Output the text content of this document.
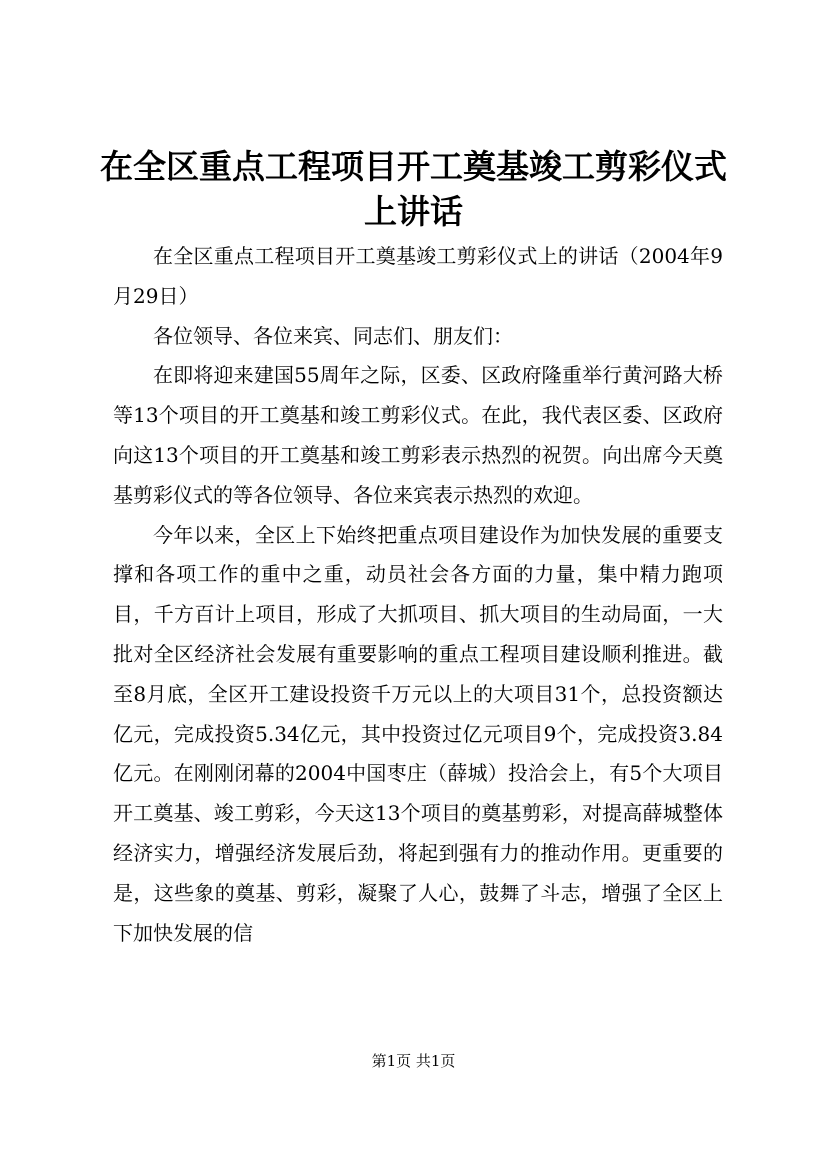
在全区重点工程项目开工奠基竣工剪彩仪式上讲话

在全区重点工程项目开工奠基竣工剪彩仪式上的讲话（2004年9月29日）

各位领导、各位来宾、同志们、朋友们：

在即将迎来建国55周年之际，区委、区政府隆重举行黄河路大桥等13个项目的开工奠基和竣工剪彩仪式。在此，我代表区委、区政府向这13个项目的开工奠基和竣工剪彩表示热烈的祝贺。向出席今天奠基剪彩仪式的等各位领导、各位来宾表示热烈的欢迎。

今年以来，全区上下始终把重点项目建设作为加快发展的重要支撑和各项工作的重中之重，动员社会各方面的力量，集中精力跑项目，千方百计上项目，形成了大抓项目、抓大项目的生动局面，一大批对全区经济社会发展有重要影响的重点工程项目建设顺利推进。截至8月底，全区开工建设投资千万元以上的大项目31个，总投资额达亿元，完成投资5.34亿元，其中投资过亿元项目9个，完成投资3.84亿元。在刚刚闭幕的2004中国枣庄（薛城）投洽会上，有5个大项目开工奠基、竣工剪彩，今天这13个项目的奠基剪彩，对提高薛城整体经济实力，增强经济发展后劲，将起到强有力的推动作用。更重要的是，这些象的奠基、剪彩，凝聚了人心，鼓舞了斗志，增强了全区上下加快发展的信

第1页 共1页
